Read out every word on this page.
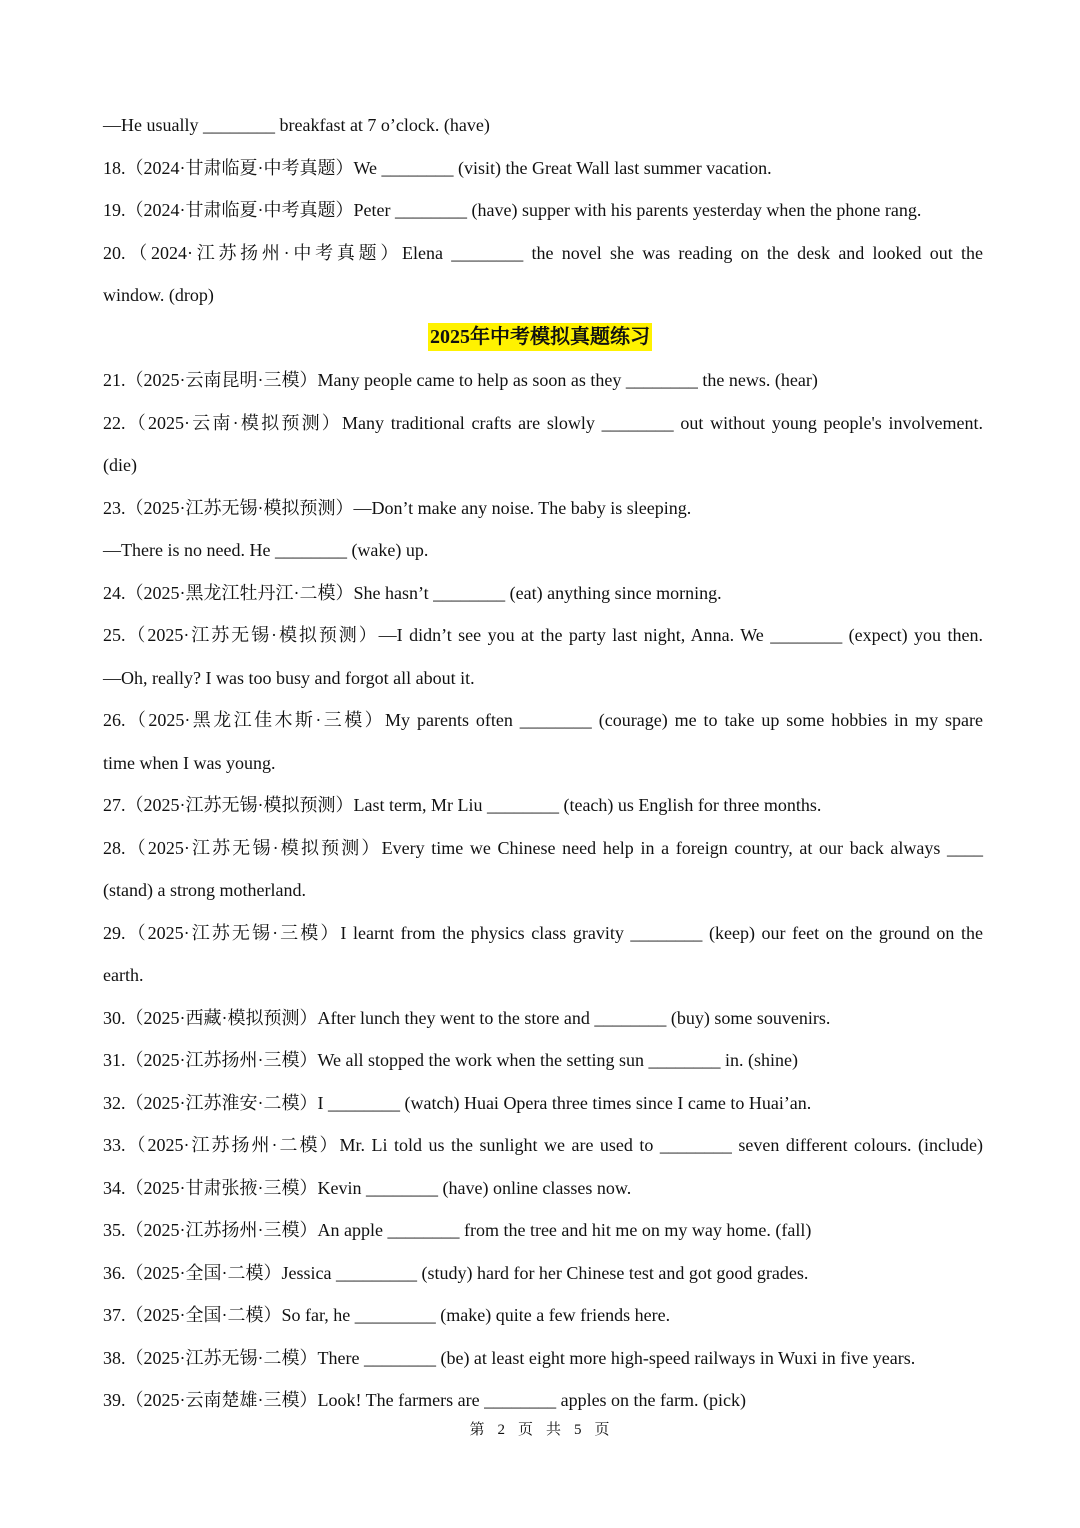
—He usually ________ breakfast at 7 o’clock. (have)
18.（2024·甘肃临夏·中考真题）We ________ (visit) the Great Wall last summer vacation.
19.（2024·甘肃临夏·中考真题）Peter ________ (have) supper with his parents yesterday when the phone rang.
20.（2024·江苏扬州·中考真题）Elena ________ the novel she was reading on the desk and looked out the
window. (drop)
2025年中考模拟真题练习
21.（2025·云南昆明·三模）Many people came to help as soon as they ________ the news. (hear)
22.（2025·云南·模拟预测）Many traditional crafts are slowly ________ out without young people's involvement.
(die)
23.（2025·江苏无锡·模拟预测）—Don’t make any noise. The baby is sleeping.
—There is no need. He ________ (wake) up.
24.（2025·黑龙江牡丹江·二模）She hasn’t ________ (eat) anything since morning.
25.（2025·江苏无锡·模拟预测）—I didn’t see you at the party last night, Anna. We ________ (expect) you then.
—Oh, really? I was too busy and forgot all about it.
26.（2025·黑龙江佳木斯·三模）My parents often ________ (courage) me to take up some hobbies in my spare
time when I was young.
27.（2025·江苏无锡·模拟预测）Last term, Mr Liu ________ (teach) us English for three months.
28.（2025·江苏无锡·模拟预测）Every time we Chinese need help in a foreign country, at our back always ____
(stand) a strong motherland.
29.（2025·江苏无锡·三模）I learnt from the physics class gravity ________ (keep) our feet on the ground on the
earth.
30.（2025·西藏·模拟预测）After lunch they went to the store and ________ (buy) some souvenirs.
31.（2025·江苏扬州·三模）We all stopped the work when the setting sun ________ in. (shine)
32.（2025·江苏淮安·二模）I ________ (watch) Huai Opera three times since I came to Huai’an.
33.（2025·江苏扬州·二模）Mr. Li told us the sunlight we are used to ________ seven different colours. (include)
34.（2025·甘肃张掖·三模）Kevin ________ (have) online classes now.
35.（2025·江苏扬州·三模）An apple ________ from the tree and hit me on my way home. (fall)
36.（2025·全国·二模）Jessica _________ (study) hard for her Chinese test and got good grades.
37.（2025·全国·二模）So far, he _________ (make) quite a few friends here.
38.（2025·江苏无锡·二模）There ________ (be) at least eight more high-speed railways in Wuxi in five years.
39.（2025·云南楚雄·三模）Look! The farmers are ________ apples on the farm. (pick)
第 2 页 共 5 页
